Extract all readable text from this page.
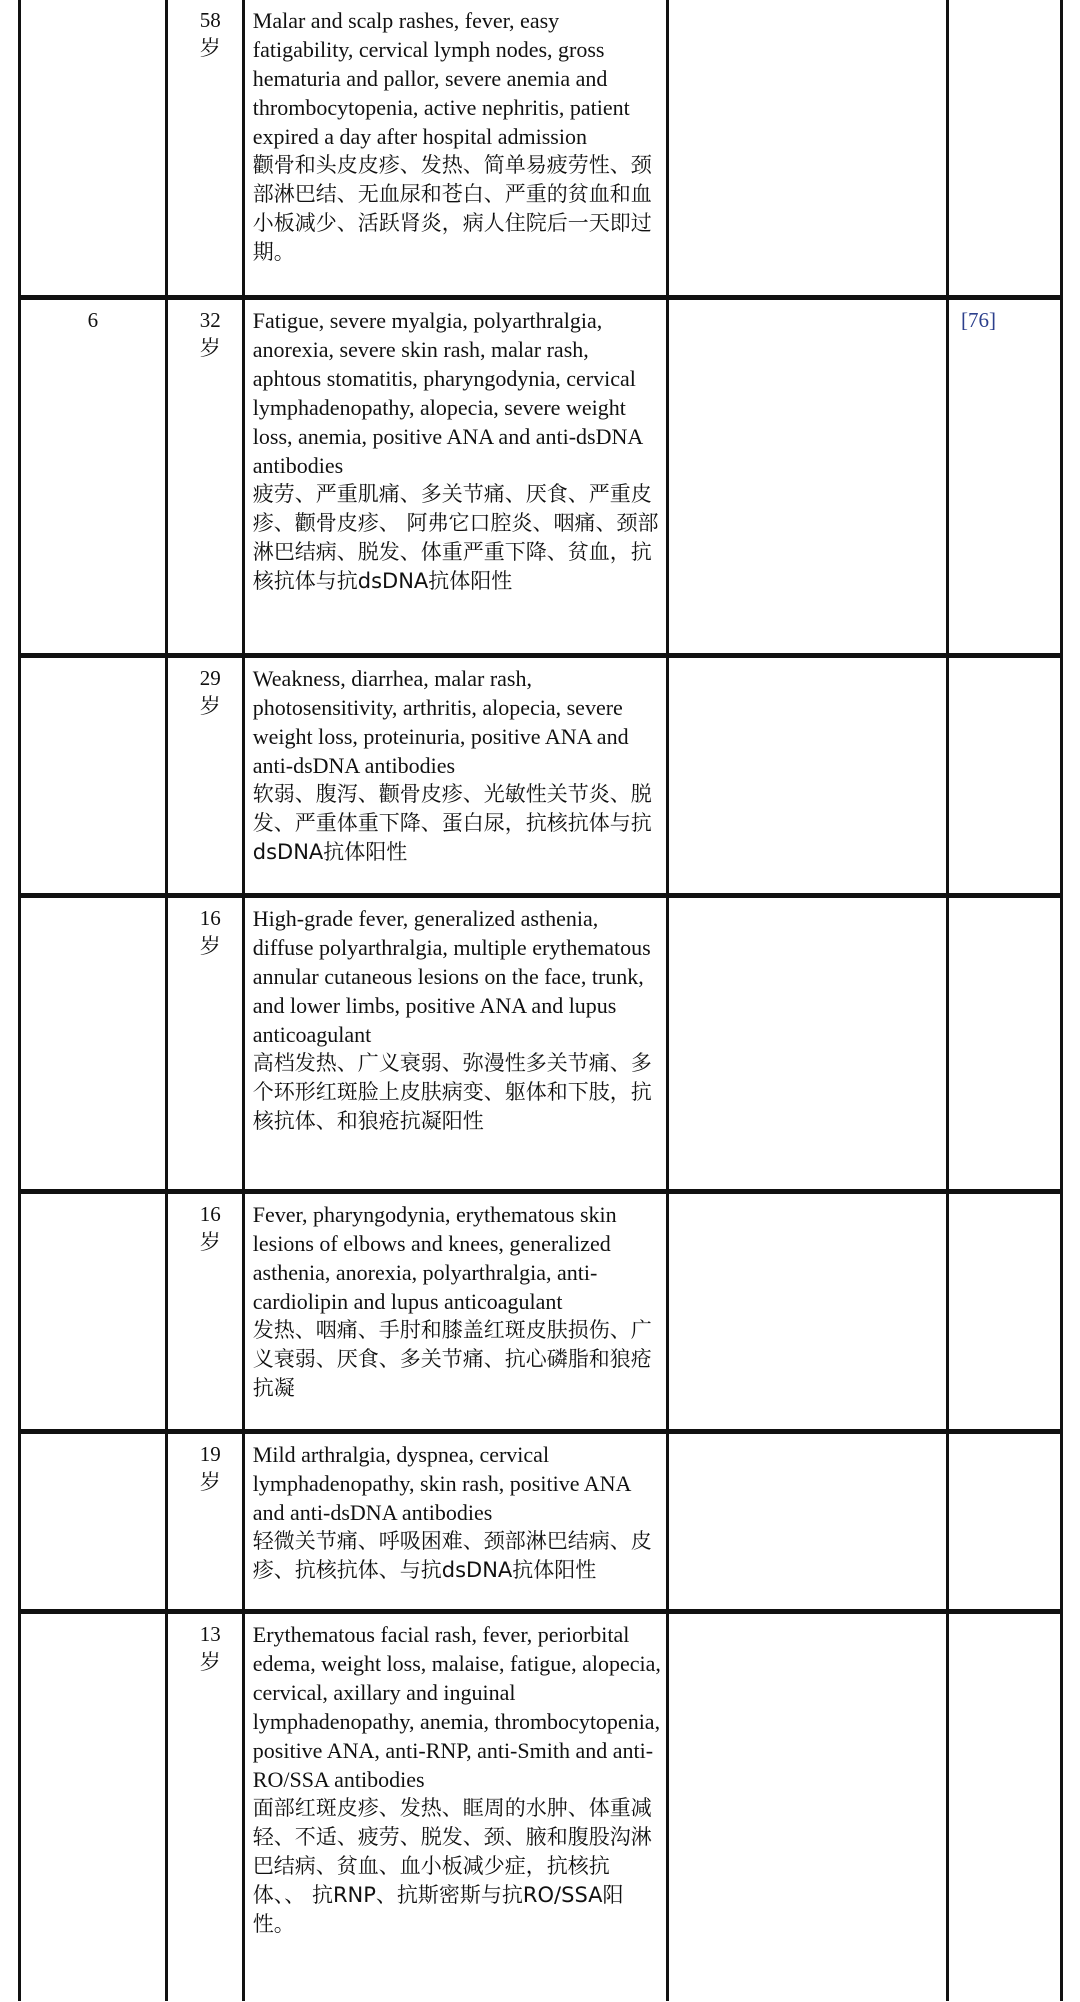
	58
岁	Malar and scalp rashes, fever, easy fatigability, cervical lymph nodes, gross hematuria and pallor, severe anemia and thrombocytopenia, active nephritis, patient expired a day after hospital admission
颧骨和头皮皮疹、发热、简单易疲劳性、颈部淋巴结、无血尿和苍白、严重的贫血和血小板减少、活跃肾炎，病人住院后一天即过期。		

6	32
岁	Fatigue, severe myalgia, polyarthralgia, anorexia, severe skin rash, malar rash, aphtous stomatitis, pharyngodynia, cervical lymphadenopathy, alopecia, severe weight loss, anemia, positive ANA and anti-dsDNA antibodies
疲劳、严重肌痛、多关节痛、厌食、严重皮疹、颧骨皮疹、 阿弗它口腔炎、咽痛、颈部淋巴结病、脱发、体重严重下降、贫血，抗核抗体与抗dsDNA抗体阳性		[76]

	29
岁	Weakness, diarrhea, malar rash, photosensitivity, arthritis, alopecia, severe weight loss, proteinuria, positive ANA and anti-dsDNA antibodies
软弱、腹泻、颧骨皮疹、光敏性关节炎、脱发、严重体重下降、蛋白尿，抗核抗体与抗dsDNA抗体阳性		

	16
岁	High-grade fever, generalized asthenia, diffuse polyarthralgia, multiple erythematous annular cutaneous lesions on the face, trunk, and lower limbs, positive ANA and lupus anticoagulant
高档发热、广义衰弱、弥漫性多关节痛、多个环形红斑脸上皮肤病变、躯体和下肢，抗核抗体、和狼疮抗凝阳性		

	16
岁	Fever, pharyngodynia, erythematous skin lesions of elbows and knees, generalized asthenia, anorexia, polyarthralgia, anti-cardiolipin and lupus anticoagulant
发热、咽痛、手肘和膝盖红斑皮肤损伤、广义衰弱、厌食、多关节痛、抗心磷脂和狼疮抗凝		

	19
岁	Mild arthralgia, dyspnea, cervical lymphadenopathy, skin rash, positive ANA and anti-dsDNA antibodies
轻微关节痛、呼吸困难、颈部淋巴结病、皮疹、抗核抗体、与抗dsDNA抗体阳性		

	13
岁	Erythematous facial rash, fever, periorbital edema, weight loss, malaise, fatigue, alopecia, cervical, axillary and inguinal lymphadenopathy, anemia, thrombocytopenia, positive ANA, anti-RNP, anti-Smith and anti-RO/SSA antibodies
面部红斑皮疹、发热、眶周的水肿、体重减轻、不适、疲劳、脱发、颈、腋和腹股沟淋巴结病、贫血、血小板减少症，抗核抗体、、 抗RNP、抗斯密斯与抗RO/SSA阳性。		
